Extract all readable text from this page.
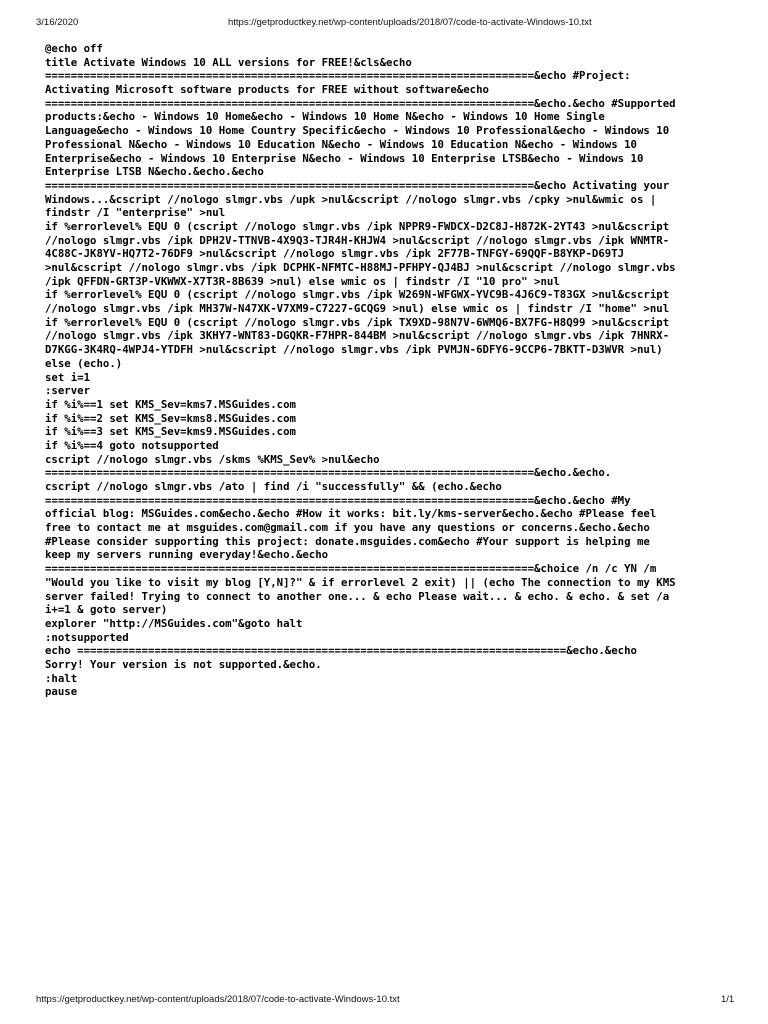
3/16/2020	https://getproductkey.net/wp-content/uploads/2018/07/code-to-activate-Windows-10.txt
@echo off
title Activate Windows 10 ALL versions for FREE!&cls&echo
============================================================================&echo #Project:
Activating Microsoft software products for FREE without software&echo
============================================================================&echo.&echo #Supported
products:&echo - Windows 10 Home&echo - Windows 10 Home N&echo - Windows 10 Home Single
Language&echo - Windows 10 Home Country Specific&echo - Windows 10 Professional&echo - Windows 10
Professional N&echo - Windows 10 Education N&echo - Windows 10 Education N&echo - Windows 10
Enterprise&echo - Windows 10 Enterprise N&echo - Windows 10 Enterprise LTSB&echo - Windows 10
Enterprise LTSB N&echo.&echo.&echo
============================================================================&echo Activating your
Windows...&cscript //nologo slmgr.vbs /upk >nul&cscript //nologo slmgr.vbs /cpky >nul&wmic os |
findstr /I "enterprise" >nul
if %errorlevel% EQU 0 (cscript //nologo slmgr.vbs /ipk NPPR9-FWDCX-D2C8J-H872K-2YT43 >nul&cscript
//nologo slmgr.vbs /ipk DPH2V-TTNVB-4X9Q3-TJR4H-KHJW4 >nul&cscript //nologo slmgr.vbs /ipk WNMTR-
4C88C-JK8YV-HQ7T2-76DF9 >nul&cscript //nologo slmgr.vbs /ipk 2F77B-TNFGY-69QQF-B8YKP-D69TJ
>nul&cscript //nologo slmgr.vbs /ipk DCPHK-NFMTC-H88MJ-PFHPY-QJ4BJ >nul&cscript //nologo slmgr.vbs
/ipk QFFDN-GRT3P-VKWWX-X7T3R-8B639 >nul) else wmic os | findstr /I "10 pro" >nul
if %errorlevel% EQU 0 (cscript //nologo slmgr.vbs /ipk W269N-WFGWX-YVC9B-4J6C9-T83GX >nul&cscript
//nologo slmgr.vbs /ipk MH37W-N47XK-V7XM9-C7227-GCQG9 >nul) else wmic os | findstr /I "home" >nul
if %errorlevel% EQU 0 (cscript //nologo slmgr.vbs /ipk TX9XD-98N7V-6WMQ6-BX7FG-H8Q99 >nul&cscript
//nologo slmgr.vbs /ipk 3KHY7-WNT83-DGQKR-F7HPR-844BM >nul&cscript //nologo slmgr.vbs /ipk 7HNRX-
D7KGG-3K4RQ-4WPJ4-YTDFH >nul&cscript //nologo slmgr.vbs /ipk PVMJN-6DFY6-9CCP6-7BKTT-D3WVR >nul)
else (echo.)
set i=1
:server
if %i%==1 set KMS_Sev=kms7.MSGuides.com
if %i%==2 set KMS_Sev=kms8.MSGuides.com
if %i%==3 set KMS_Sev=kms9.MSGuides.com
if %i%==4 goto notsupported
cscript //nologo slmgr.vbs /skms %KMS_Sev% >nul&echo
============================================================================&echo.&echo.
cscript //nologo slmgr.vbs /ato | find /i "successfully" && (echo.&echo
============================================================================&echo.&echo #My
official blog: MSGuides.com&echo.&echo #How it works: bit.ly/kms-server&echo.&echo #Please feel
free to contact me at msguides.com@gmail.com if you have any questions or concerns.&echo.&echo
#Please consider supporting this project: donate.msguides.com&echo #Your support is helping me
keep my servers running everyday!&echo.&echo
============================================================================&choice /n /c YN /m
"Would you like to visit my blog [Y,N]?" & if errorlevel 2 exit) || (echo The connection to my KMS
server failed! Trying to connect to another one... & echo Please wait... & echo. & echo. & set /a
i+=1 & goto server)
explorer "http://MSGuides.com"&goto halt
:notsupported
echo ============================================================================&echo.&echo
Sorry! Your version is not supported.&echo.
:halt
pause
https://getproductkey.net/wp-content/uploads/2018/07/code-to-activate-Windows-10.txt	1/1
